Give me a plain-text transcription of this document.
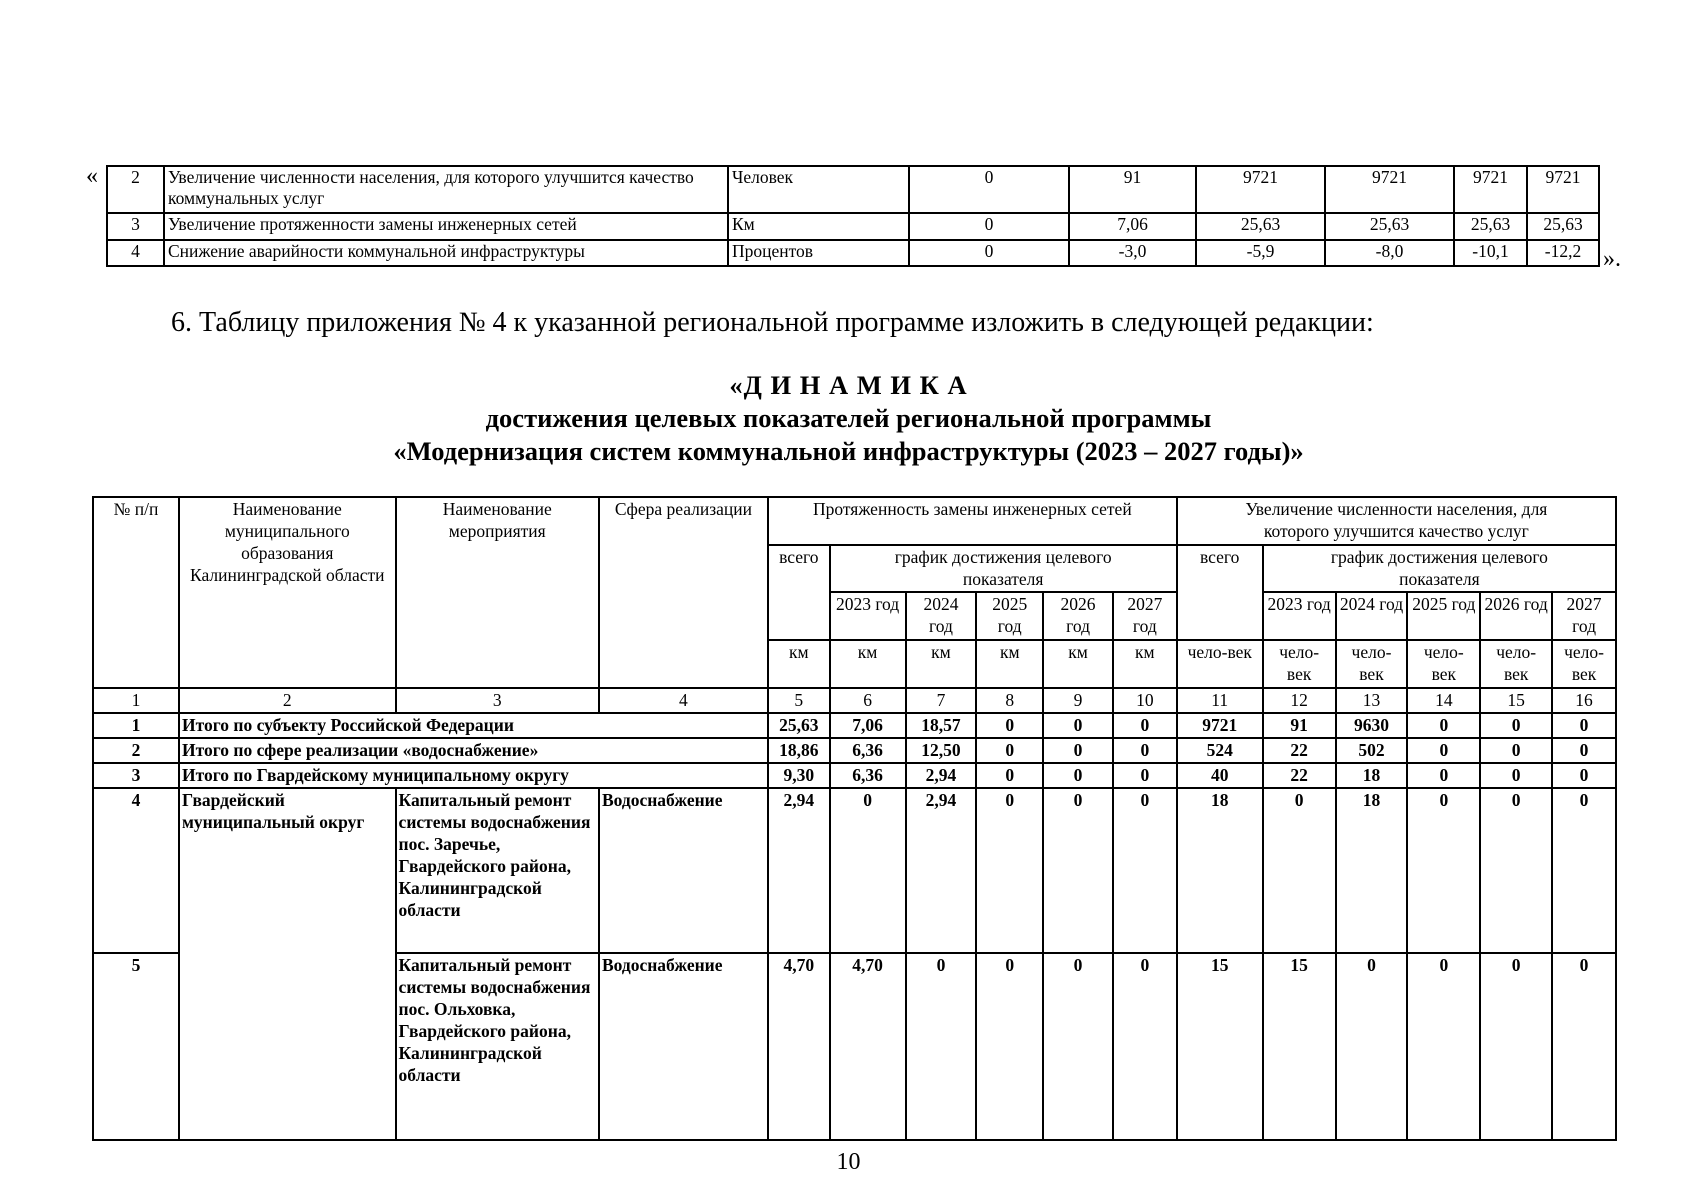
« 2	Увеличение численности населения, для которого улучшится качество коммунальных услуг	Человек	0	91	9721	9721	9721	9721
3	Увеличение протяженности замены инженерных сетей	Км	0	7,06	25,63	25,63	25,63	25,63
4	Снижение аварийности коммунальной инфраструктуры	Процентов	0	-3,0	-5,9	-8,0	-10,1	-12,2 ».
6. Таблицу приложения № 4 к указанной региональной программе изложить в следующей редакции:
«Д И Н А М И К А
достижения целевых показателей региональной программы
«Модернизация систем коммунальной инфраструктуры (2023 – 2027 годы)»
№ п/п	Наименование муниципального образования Калининградской области	Наименование мероприятия	Сфера реализации	Протяженность замены инженерных сетей						Увеличение численности населения, для которого улучшится качество услуг					
				всего	график достижения целевого показателя					всего	график достижения целевого показателя				
					2023 год	2024 год	2025 год	2026 год	2027 год		2023 год	2024 год	2025 год	2026 год	2027 год
				км	км	км	км	км	км	чело-век	чело-век	чело-век	чело-век	чело-век	чело-век
1	2	3	4	5	6	7	8	9	10	11	12	13	14	15	16
1	Итого по субъекту Российской Федерации			25,63	7,06	18,57	0	0	0	9721	91	9630	0	0	0
2	Итого по сфере реализации «водоснабжение»			18,86	6,36	12,50	0	0	0	524	22	502	0	0	0
3	Итого по Гвардейскому муниципальному округу			9,30	6,36	2,94	0	0	0	40	22	18	0	0	0
4	Гвардейский муниципальный округ	Капитальный ремонт системы водоснабжения пос. Заречье, Гвардейского района, Калининградской области	Водоснабжение	2,94	0	2,94	0	0	0	18	0	18	0	0	0
5		Капитальный ремонт системы водоснабжения пос. Ольховка, Гвардейского района, Калининградской области	Водоснабжение	4,70	4,70	0	0	0	0	15	15	0	0	0	0
10
